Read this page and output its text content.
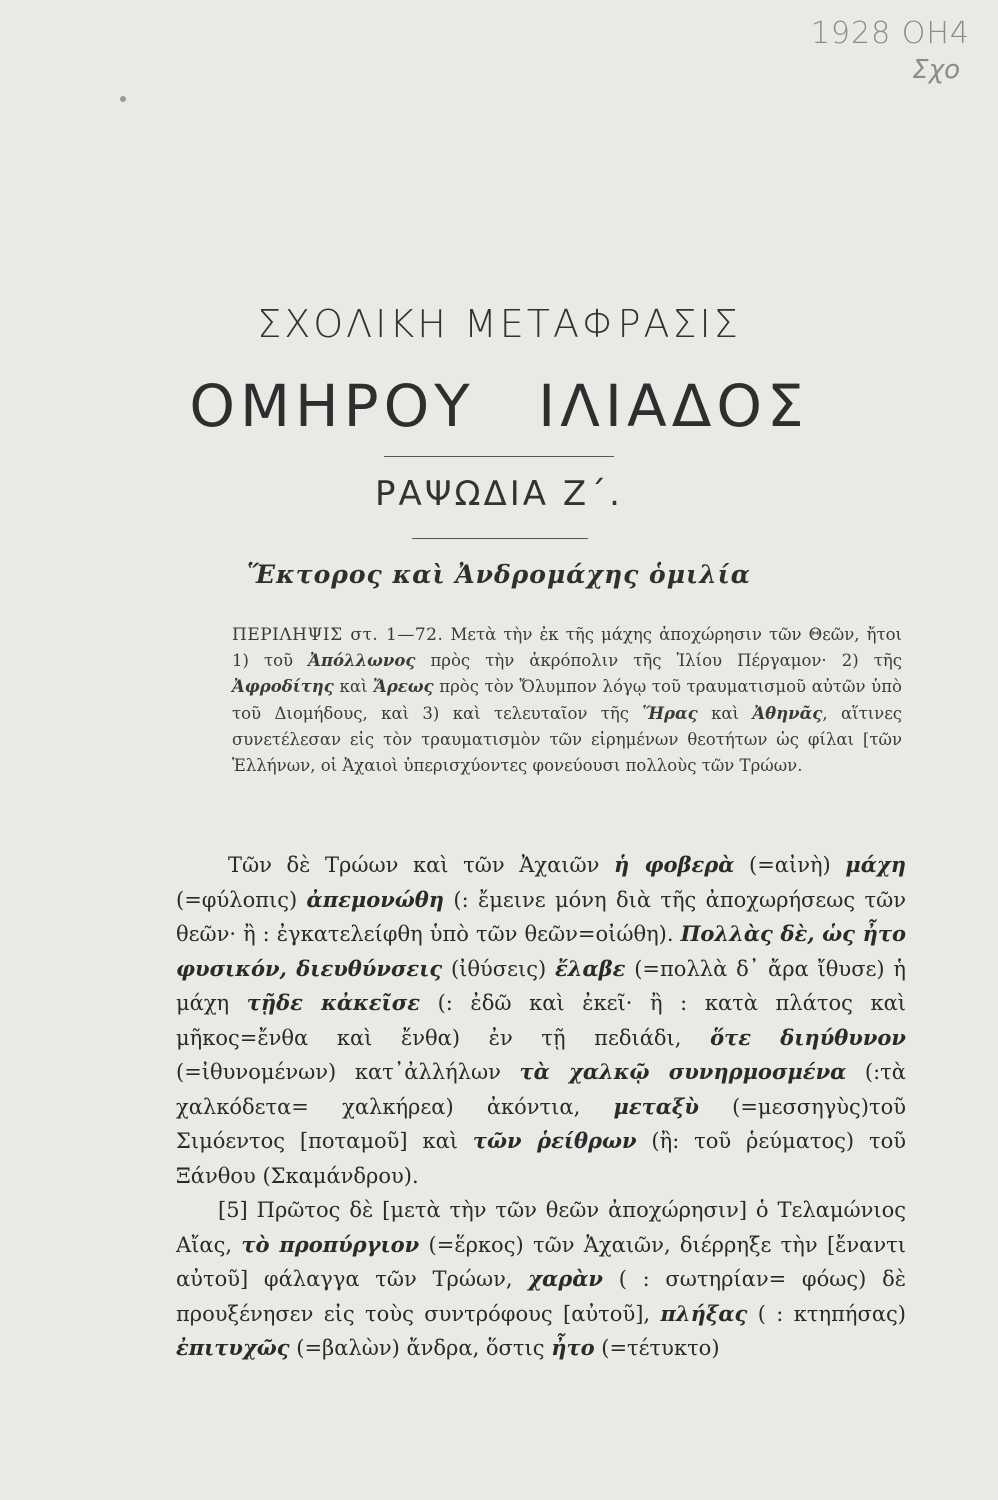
1928 ΟΗ4
Σχο
ΣΧΟΛΙΚΗ ΜΕΤΑΦΡΑΣΙΣ
ΟΜΗΡΟΥ ΙΛΙΑΔΟΣ
ΡΑΨΩΔΙΑ Ζ΄.
Ἕκτορος καὶ Ἀνδρομάχης ὁμιλία
ΠΕΡΙΛΗΨΙΣ στ. 1—72. Μετὰ τὴν ἐκ τῆς μάχης ἀποχώρησιν τῶν Θεῶν, ἤτοι 1) τοῦ Ἀπόλλωνος πρὸς τὴν ἀκρόπολιν τῆς Ἰλίου Πέργαμον· 2) τῆς Ἀφροδίτης καὶ Ἄρεως πρὸς τὸν Ὄλυμπον λόγῳ τοῦ τραυματισμοῦ αὐτῶν ὑπὸ τοῦ Διομήδους, καὶ 3) καὶ τελευταῖον τῆς Ἥρας καὶ Ἀθηνᾶς, αἵτινες συνετέλεσαν εἰς τὸν τραυματισμὸν τῶν εἰρημένων θεοτήτων ὡς φίλαι [τῶν Ἑλλήνων, οἱ Ἀχαιοὶ ὑπερισχύοντες φονεύουσι πολλοὺς τῶν Τρώων.

Τῶν δὲ Τρώων καὶ τῶν Ἀχαιῶν ἡ φοβερὰ (=αἰνὴ) μάχη (=φύλοπις) ἀπεμονώθη (: ἔμεινε μόνη διὰ τῆς ἀποχωρήσεως τῶν θεῶν· ἢ : ἐγκατελείφθη ὑπὸ τῶν θεῶν=οἰώθη). Πολλὰς δὲ, ὡς ἦτο φυσικόν, διευθύνσεις (ἰθύσεις) ἔλαβε (=πολλὰ δ᾿ ἄρα ἴθυσε) ἡ μάχη τῇδε κἀκεῖσε (: ἐδῶ καὶ ἐκεῖ· ἢ : κατὰ πλάτος καὶ μῆκος=ἔνθα καὶ ἔνθα) ἐν τῇ πεδιάδι, ὅτε διηύθυνον (=ἰθυνομένων) κατ᾿ἀλλήλων τὰ χαλκῷ συνηρμοσμένα (:τὰ χαλκόδετα= χαλκήρεα) ἀκόντια, μεταξὺ (=μεσσηγὺς)τοῦ Σιμόεντος [ποταμοῦ] καὶ τῶν ῥείθρων (ἢ: τοῦ ῥεύματος) τοῦ Ξάνθου (Σκαμάνδρου).

[5] Πρῶτος δὲ [μετὰ τὴν τῶν θεῶν ἀποχώρησιν] ὁ Τελαμώνιος Αἴας, τὸ προπύργιον (=ἕρκος) τῶν Ἀχαιῶν, διέρρηξε τὴν [ἔναντι αὐτοῦ] φάλαγγα τῶν Τρώων, χαρὰν ( : σωτηρίαν= φόως) δὲ προυξένησεν εἰς τοὺς συντρόφους [αὐτοῦ], πλήξας ( : κτηπήσας) ἐπιτυχῶς (=βαλὼν) ἄνδρα, ὅστις ἦτο (=τέτυκτο)
